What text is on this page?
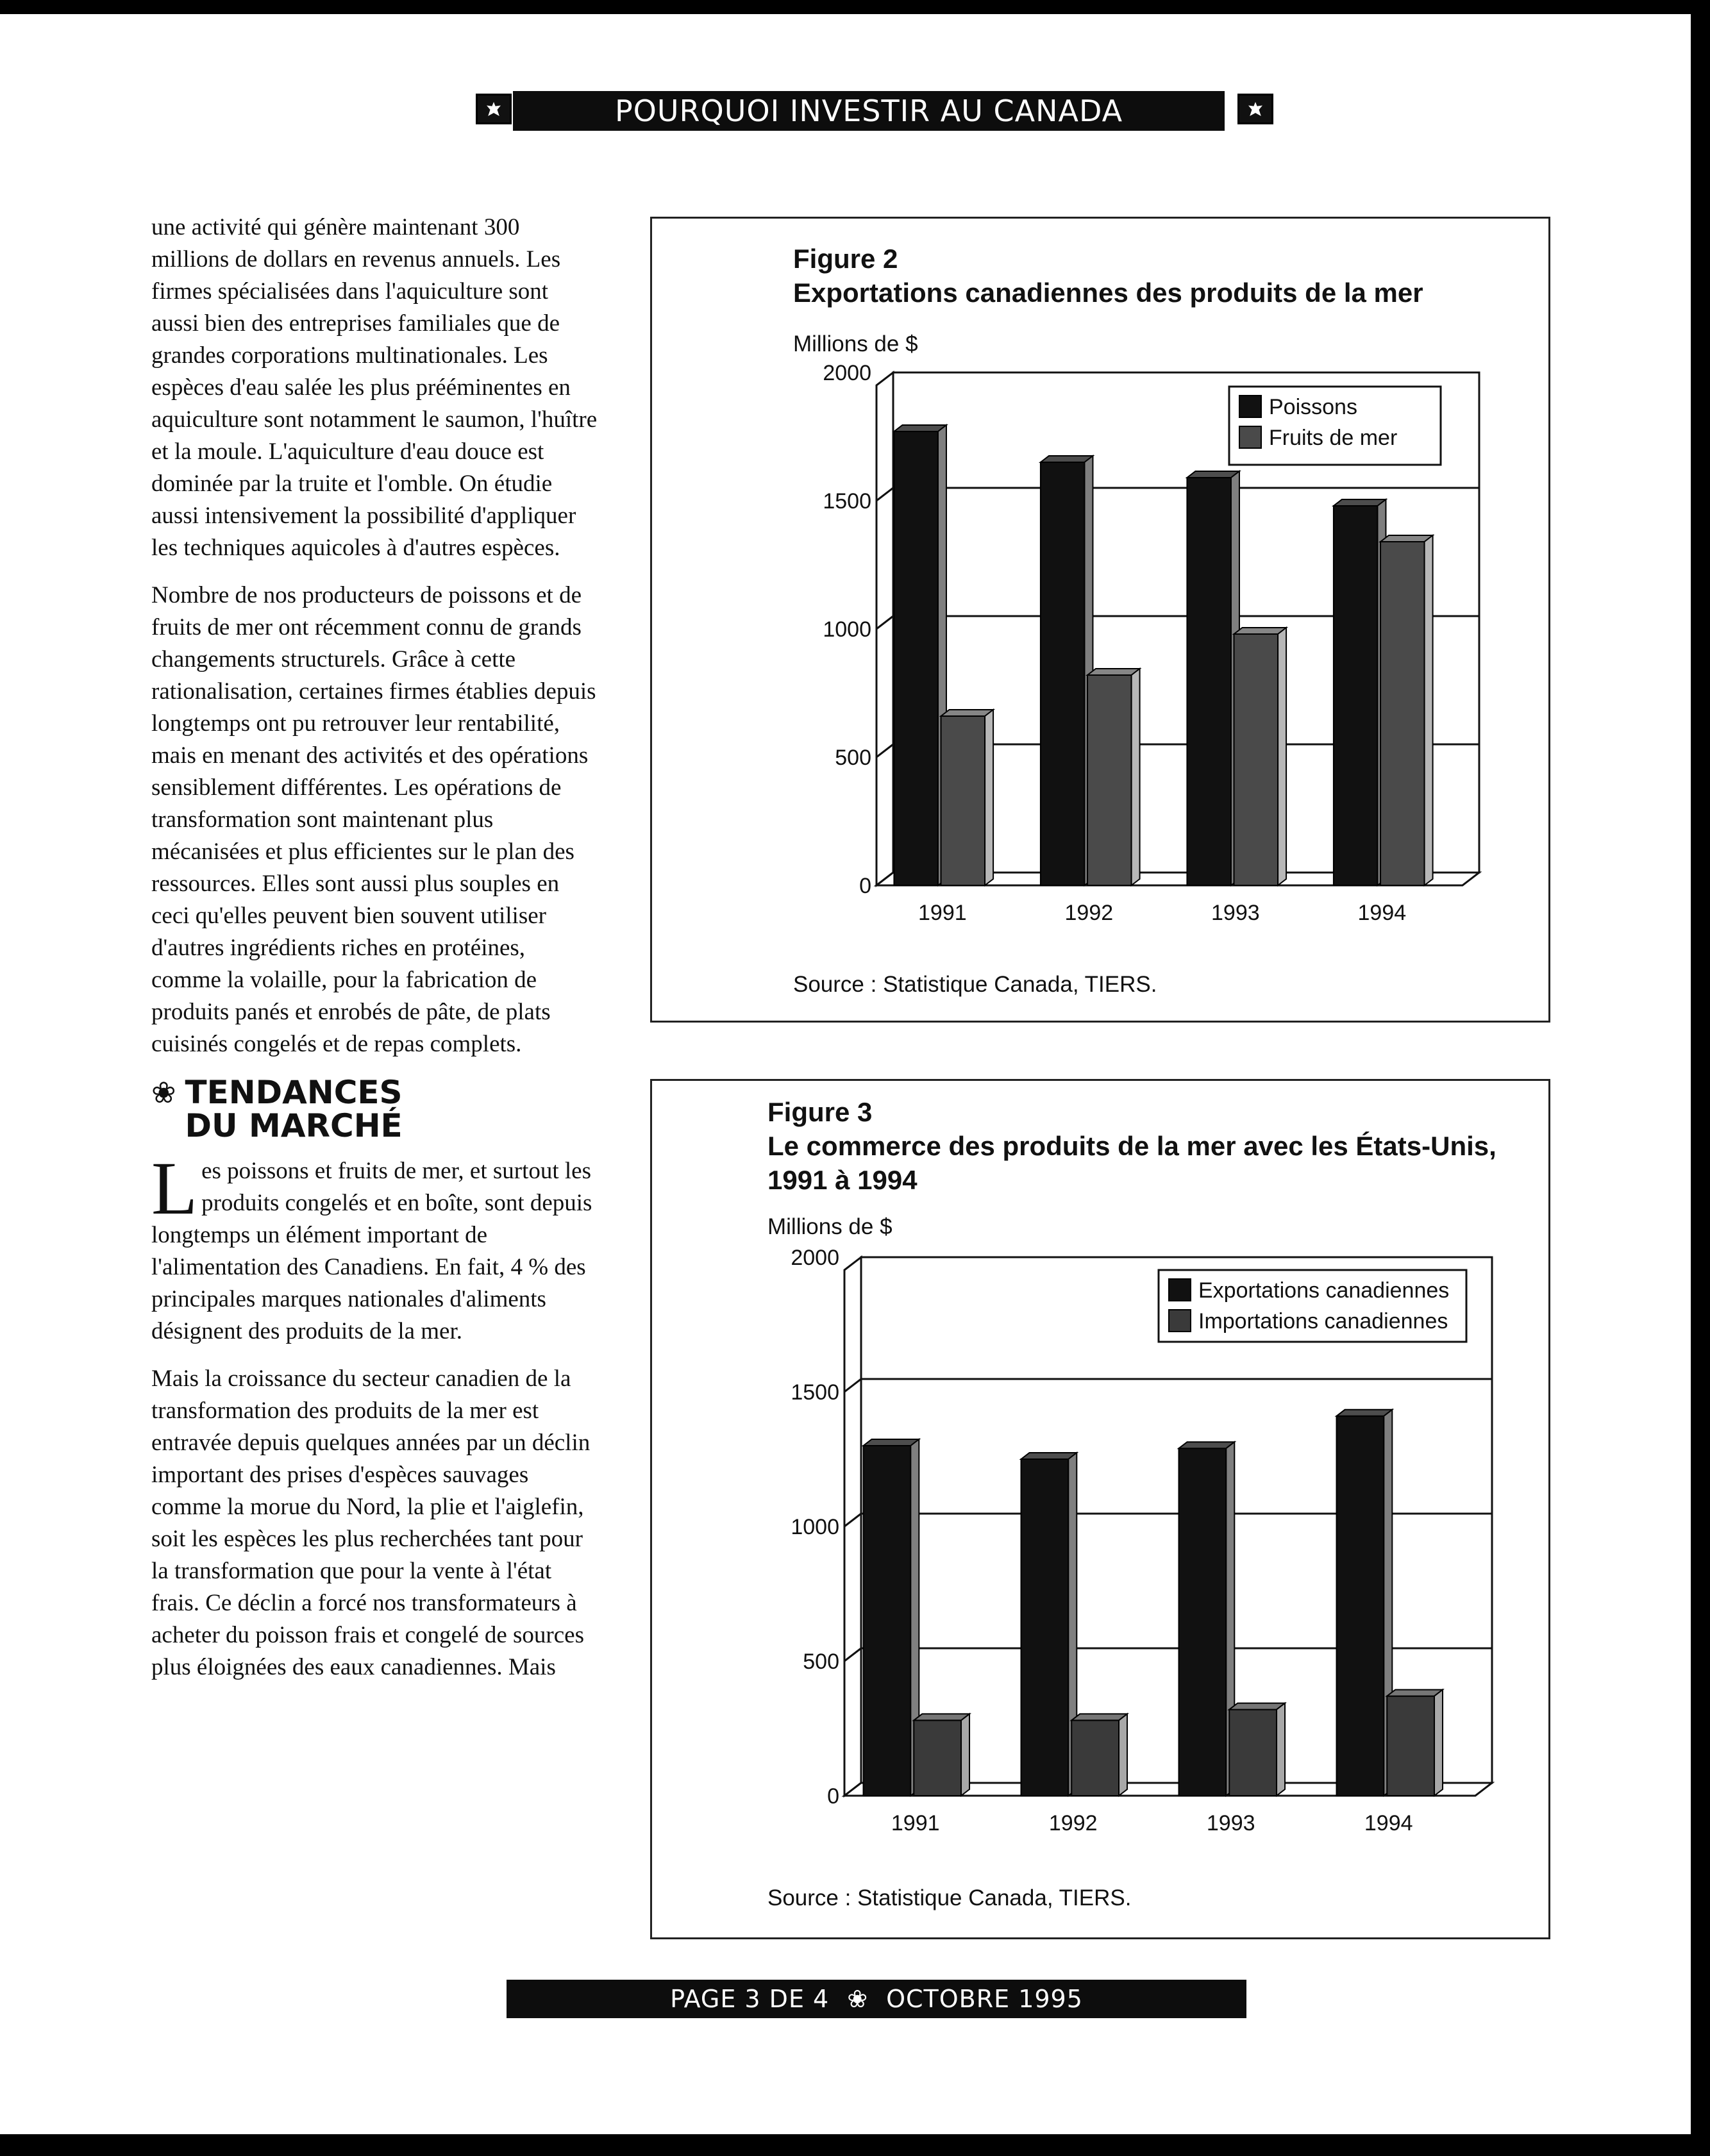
POURQUOI INVESTIR AU CANADA

une activité qui génère maintenant 300 millions de dollars en revenus annuels. Les firmes spécialisées dans l'aquiculture sont aussi bien des entreprises familiales que de grandes corporations multinationales. Les espèces d'eau salée les plus prééminentes en aquiculture sont notamment le saumon, l'huître et la moule. L'aquiculture d'eau douce est dominée par la truite et l'omble. On étudie aussi intensivement la possibilité d'appliquer les techniques aquicoles à d'autres espèces.

Nombre de nos producteurs de poissons et de fruits de mer ont récemment connu de grands changements structurels. Grâce à cette rationalisation, certaines firmes établies depuis longtemps ont pu retrouver leur rentabilité, mais en menant des activités et des opérations sensiblement différentes. Les opérations de transformation sont maintenant plus mécanisées et plus efficientes sur le plan des ressources. Elles sont aussi plus souples en ceci qu'elles peuvent bien souvent utiliser d'autres ingrédients riches en protéines, comme la volaille, pour la fabrication de produits panés et enrobés de pâte, de plats cuisinés congelés et de repas complets.

❀ TENDANCES
DU MARCHÉ

Les poissons et fruits de mer, et surtout les produits congelés et en boîte, sont depuis longtemps un élément important de l'alimentation des Canadiens. En fait, 4 % des principales marques nationales d'aliments désignent des produits de la mer.

Mais la croissance du secteur canadien de la transformation des produits de la mer est entravée depuis quelques années par un déclin important des prises d'espèces sauvages comme la morue du Nord, la plie et l'aiglefin, soit les espèces les plus recherchées tant pour la transformation que pour la vente à l'état frais. Ce déclin a forcé nos transformateurs à acheter du poisson frais et congelé de sources plus éloignées des eaux canadiennes. Mais

Figure 2
Exportations canadiennes des produits de la mer
Millions de $
0
500
1000
1500
2000
1991	1992	1993	1994
Poissons
Fruits de mer
Source : Statistique Canada, TIERS.
Figure 3
Le commerce des produits de la mer avec les États-Unis, 1991 à 1994
Millions de $
0
500
1000
1500
2000
1991	1992	1993	1994
Exportations canadiennes
Importations canadiennes
Source : Statistique Canada, TIERS.
PAGE 3 DE 4 ❀ OCTOBRE 1995
